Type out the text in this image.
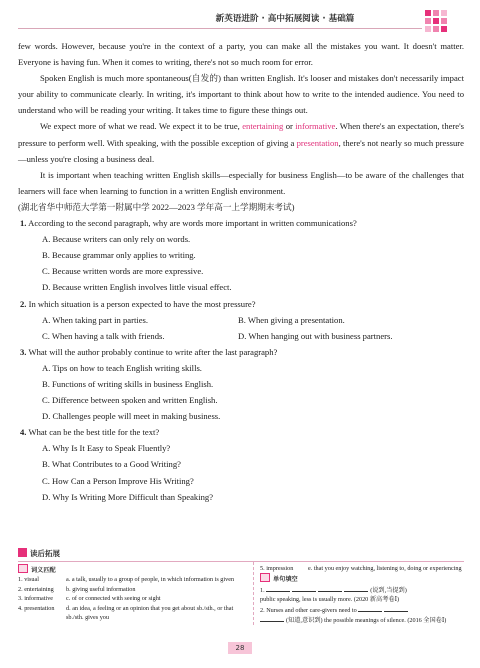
新英语进阶 · 高中拓展阅读 · 基础篇

few words. However, because you're in the context of a party, you can make all the mistakes you want. It doesn't matter. Everyone is having fun. When it comes to writing, there's not so much room for error.

Spoken English is much more spontaneous(自发的) than written English. It's looser and mistakes don't necessarily impact your ability to communicate clearly. In writing, it's important to think about how to write to the intended audience. You need to understand who will be reading your writing. It takes time to figure these things out.

We expect more of what we read. We expect it to be true, entertaining or informative. When there's an expectation, there's pressure to perform well. With speaking, with the possible exception of giving a presentation, there's not nearly so much pressure—unless you're closing a business deal.

It is important when teaching written English skills—especially for business English—to be aware of the challenges that learners will face when learning to function in a written English environment.

(湖北省华中师范大学第一附属中学 2022—2023 学年高一上学期期末考试)

1. According to the second paragraph, why are words more important in written communications?
A. Because writers can only rely on words.
B. Because grammar only applies to writing.
C. Because written words are more expressive.
D. Because written English involves little visual effect.
2. In which situation is a person expected to have the most pressure?
A. When taking part in parties.	B. When giving a presentation.
C. When having a talk with friends.	D. When hanging out with business partners.
3. What will the author probably continue to write after the last paragraph?
A. Tips on how to teach English writing skills.
B. Functions of writing skills in business English.
C. Difference between spoken and written English.
D. Challenges people will meet in making business.
4. What can be the best title for the text?
A. Why Is It Easy to Speak Fluently?
B. What Contributes to a Good Writing?
C. How Can a Person Improve His Writing?
D. Why Is Writing More Difficult than Speaking?
读后拓展
词义匹配
1. visual	a. a talk, usually to a group of people, in which information is given
2. entertaining	b. giving useful information
3. informative	c. of or connected with seeing or sight
4. presentation	d. an idea, a feeling or an opinion that you get about sb./sth., or that sb./sth. gives you
5. impression	e. that you enjoy watching, listening to, doing or experiencing
单句填空
1.	(说到,当提到)
public speaking, less is usually more. (2020 新高考卷Ⅰ)
2. Nurses and other care-givers need to
(知道,意识到) the possible meanings of silence. (2016 全国卷Ⅰ)
28
